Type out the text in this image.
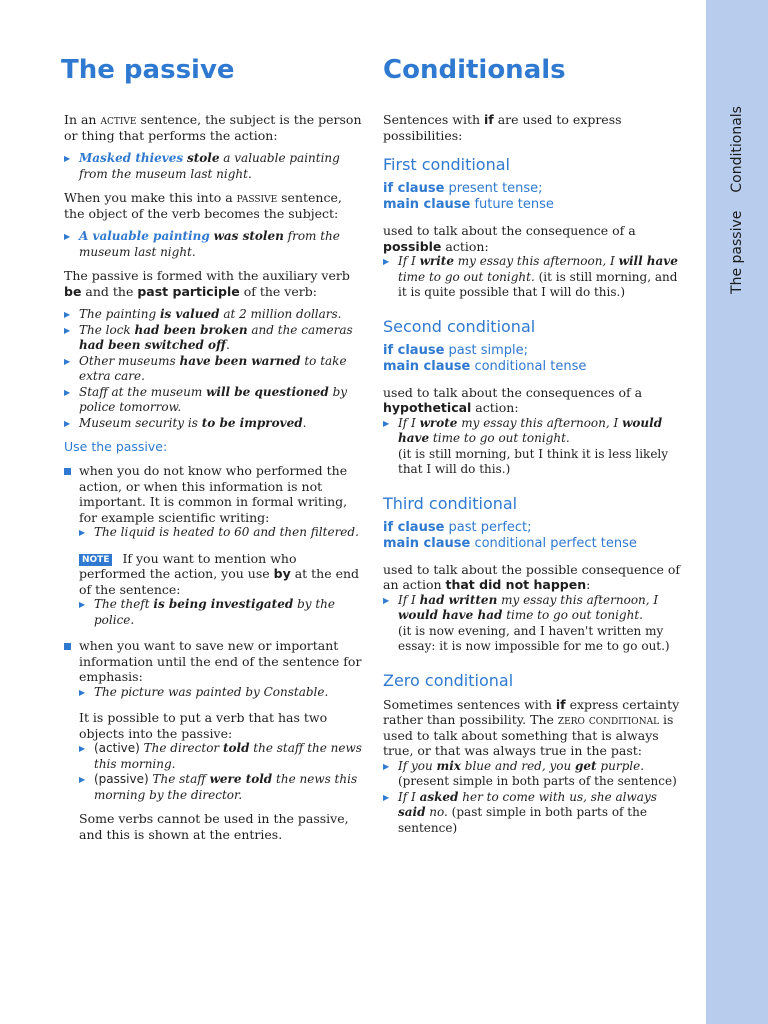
The passiveConditionals
The passive

In an active sentence, the subject is the person or thing that performs the action:

▶ Masked thieves stole a valuable painting from the museum last night.

When you make this into a passive sentence, the object of the verb becomes the subject:

▶ A valuable painting was stolen from the museum last night.

The passive is formed with the auxiliary verb be and the past participle of the verb:

▶ The painting is valued at 2 million dollars.

▶ The lock had been broken and the cameras had been switched off.

▶ Other museums have been warned to take extra care.

▶ Staff at the museum will be questioned by police tomorrow.

▶ Museum security is to be improved.

Use the passive:

when you do not know who performed the action, or when this information is not important. It is common in formal writing, for example scientific writing:

▶ The liquid is heated to 60 and then filtered.

NOTE If you want to mention who performed the action, you use by at the end of the sentence:

▶ The theft is being investigated by the police.

when you want to save new or important information until the end of the sentence for emphasis:

▶ The picture was painted by Constable.

It is possible to put a verb that has two objects into the passive:

▶ (active) The director told the staff the news this morning.

▶ (passive) The staff were told the news this morning by the director.

Some verbs cannot be used in the passive, and this is shown at the entries.

Conditionals

Sentences with if are used to express possibilities:

First conditional

if clause present tense;

main clause future tense

used to talk about the consequence of a possible action:

▶ If I write my essay this afternoon, I will have time to go out tonight. (it is still morning, and it is quite possible that I will do this.)

Second conditional

if clause past simple;

main clause conditional tense

used to talk about the consequences of a hypothetical action:

▶ If I wrote my essay this afternoon, I would have time to go out tonight.
(it is still morning, but I think it is less likely that I will do this.)

Third conditional

if clause past perfect;

main clause conditional perfect tense

used to talk about the possible consequence of an action that did not happen:

▶ If I had written my essay this afternoon, I would have had time to go out tonight.
(it is now evening, and I haven't written my essay: it is now impossible for me to go out.)

Zero conditional

Sometimes sentences with if express certainty rather than possibility. The zero conditional is used to talk about something that is always true, or that was always true in the past:

▶ If you mix blue and red, you get purple.
(present simple in both parts of the sentence)

▶ If I asked her to come with us, she always said no. (past simple in both parts of the sentence)
